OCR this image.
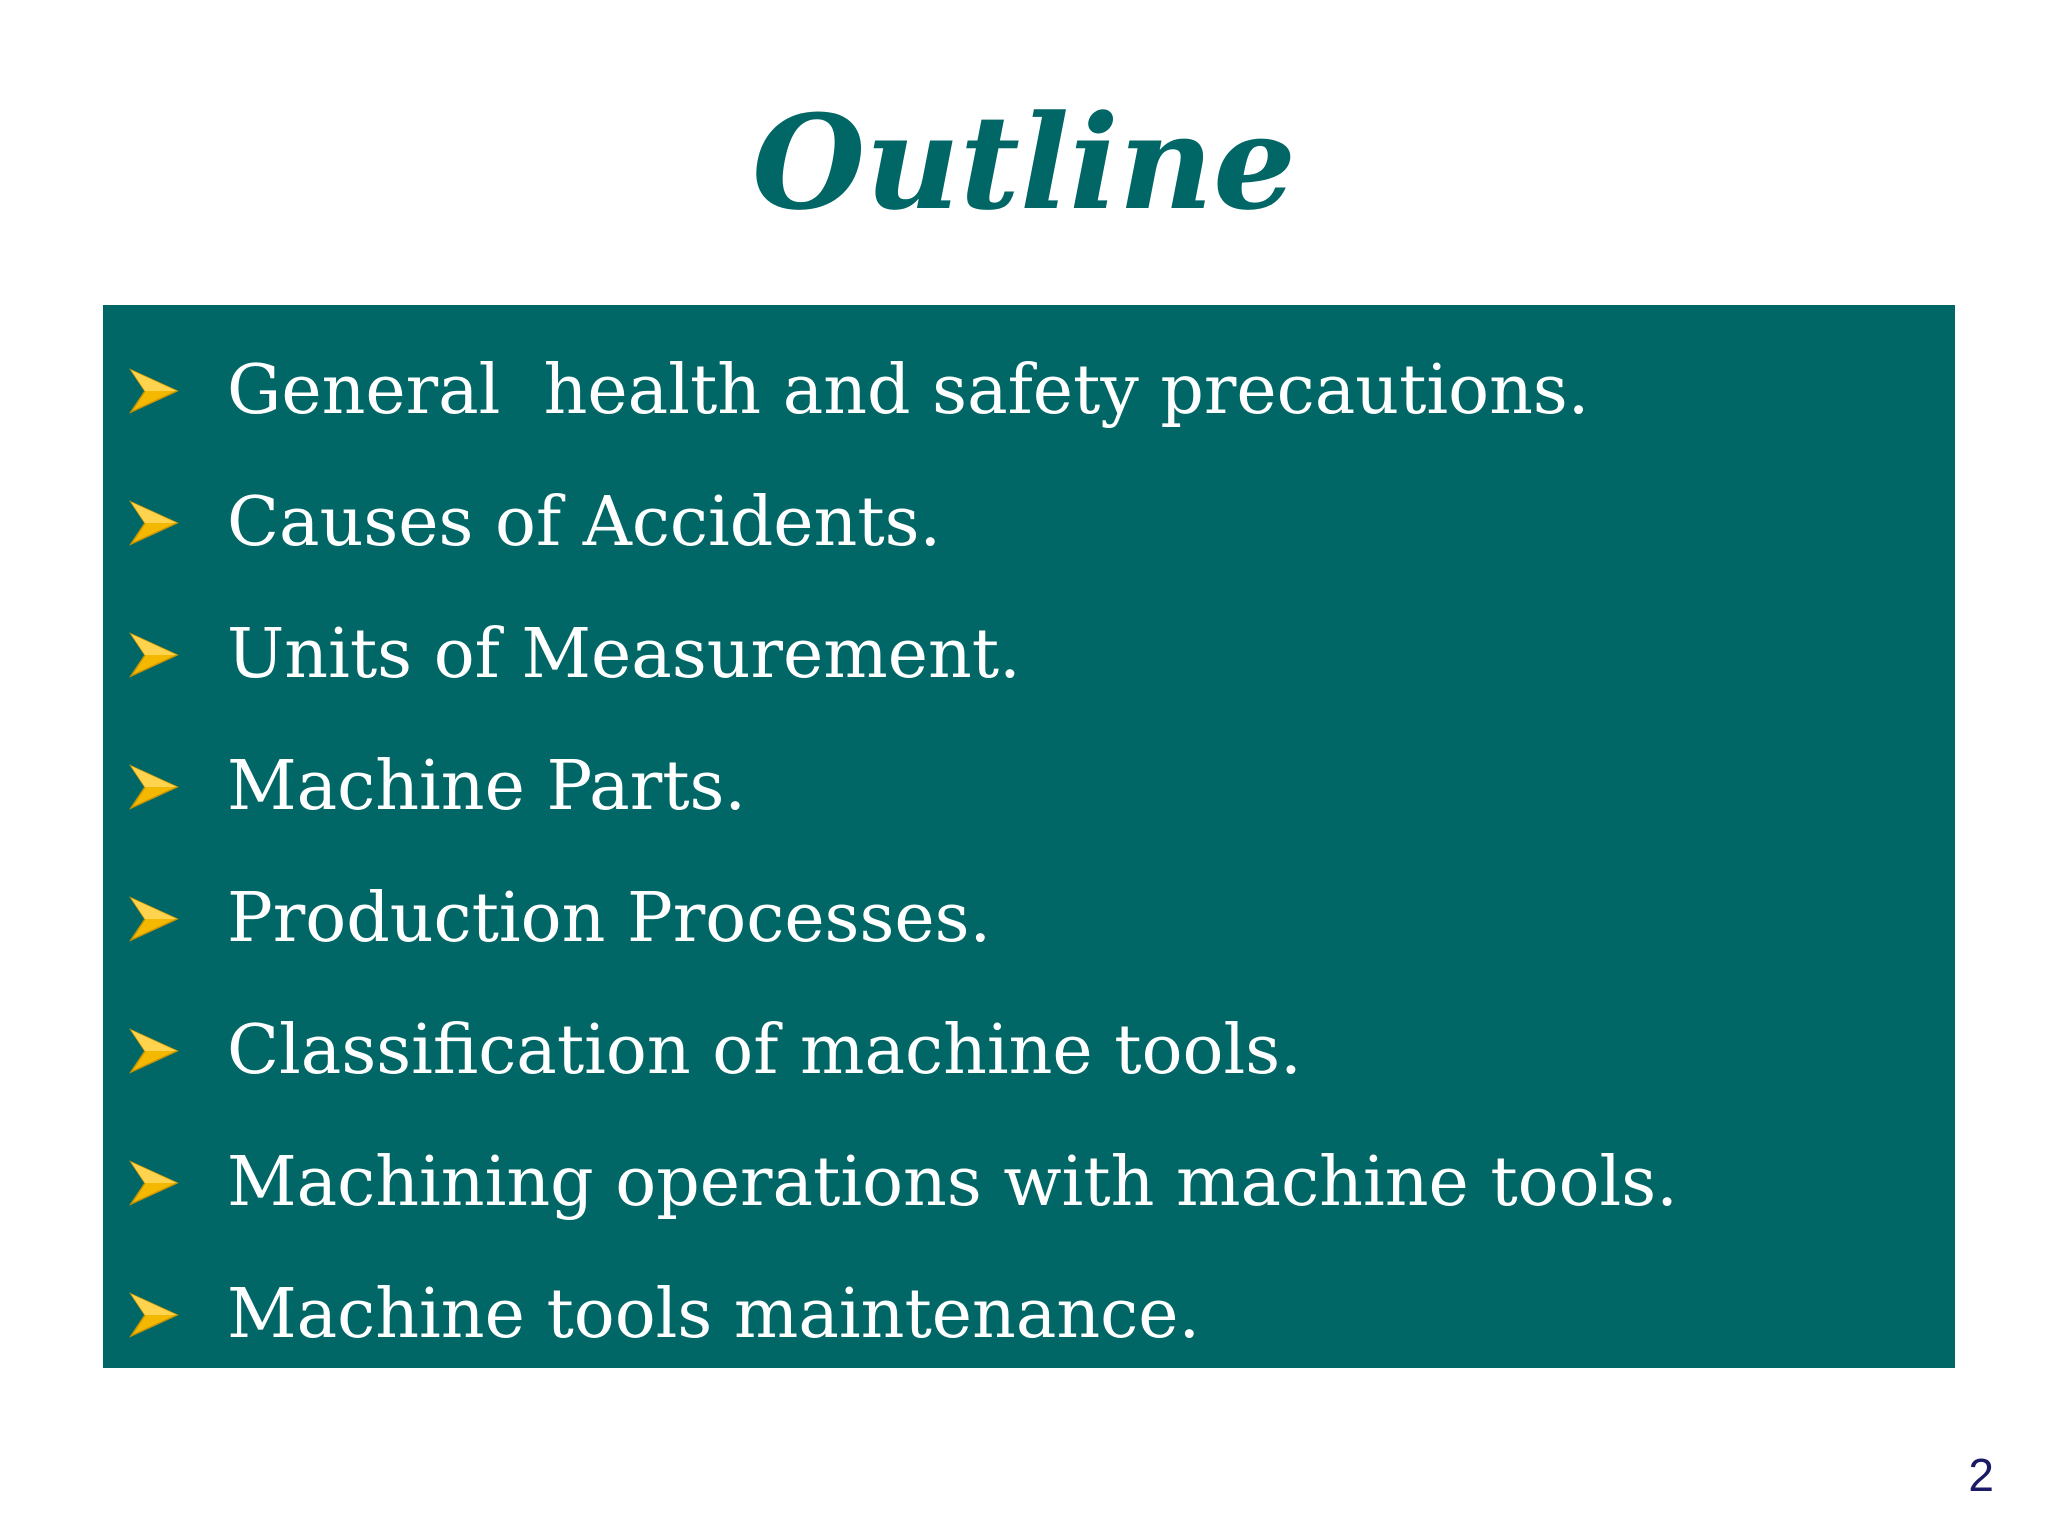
Outline
General  health and safety precautions.
Causes of Accidents.
Units of Measurement.
Machine Parts.
Production Processes.
Classification of machine tools.
Machining operations with machine tools.
Machine tools maintenance.
2
